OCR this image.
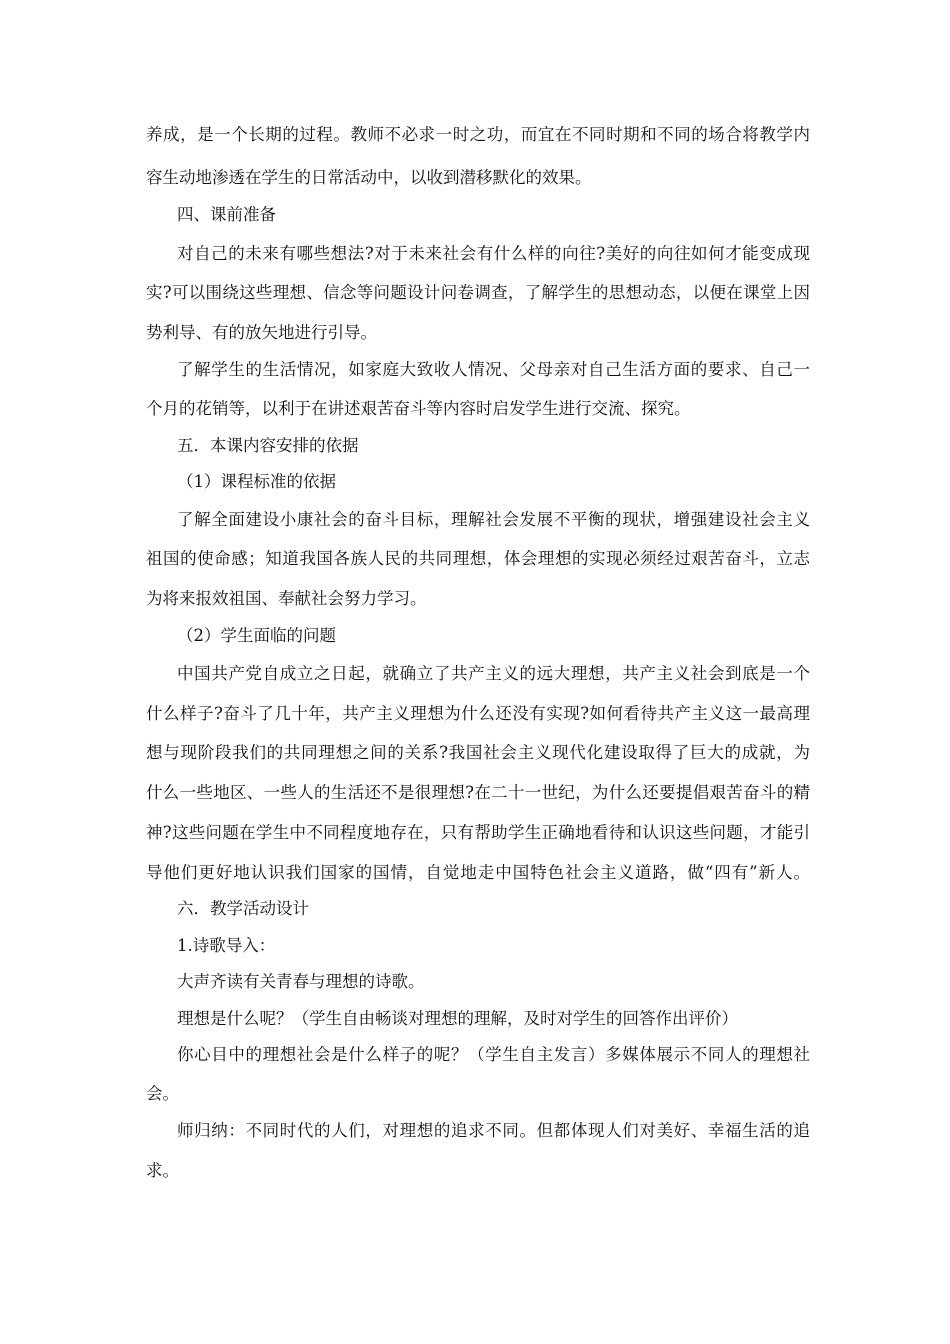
养成，是一个长期的过程。教师不必求一时之功，而宜在不同时期和不同的场合将教学内
容生动地渗透在学生的日常活动中，以收到潜移默化的效果。
四、课前准备
对自己的未来有哪些想法?对于未来社会有什么样的向往?美好的向往如何才能变成现
实?可以围绕这些理想、信念等问题设计问卷调查，了解学生的思想动态，以便在课堂上因
势利导、有的放矢地进行引导。
了解学生的生活情况，如家庭大致收人情况、父母亲对自己生活方面的要求、自己一
个月的花销等，以利于在讲述艰苦奋斗等内容时启发学生进行交流、探究。
五．本课内容安排的依据
（1）课程标准的依据
了解全面建设小康社会的奋斗目标，理解社会发展不平衡的现状，增强建设社会主义
祖国的使命感；知道我国各族人民的共同理想，体会理想的实现必须经过艰苦奋斗，立志
为将来报效祖国、奉献社会努力学习。
（2）学生面临的问题
中国共产党自成立之日起，就确立了共产主义的远大理想，共产主义社会到底是一个
什么样子?奋斗了几十年，共产主义理想为什么还没有实现?如何看待共产主义这一最高理
想与现阶段我们的共同理想之间的关系?我国社会主义现代化建设取得了巨大的成就，为
什么一些地区、一些人的生活还不是很理想?在二十一世纪，为什么还要提倡艰苦奋斗的精
神?这些问题在学生中不同程度地存在，只有帮助学生正确地看待和认识这些问题，才能引
导他们更好地认识我们国家的国情，自觉地走中国特色社会主义道路，做“四有”新人。
六．教学活动设计
1.诗歌导入：
大声齐读有关青春与理想的诗歌。
理想是什么呢？（学生自由畅谈对理想的理解，及时对学生的回答作出评价）
你心目中的理想社会是什么样子的呢？（学生自主发言）多媒体展示不同人的理想社
会。
师归纳：不同时代的人们，对理想的追求不同。但都体现人们对美好、幸福生活的追
求。
